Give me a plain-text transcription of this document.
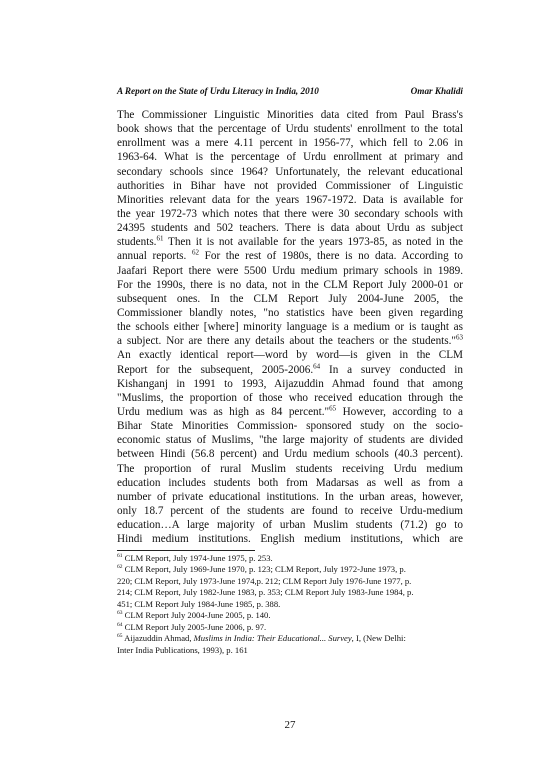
A Report on the State of Urdu Literacy in India, 2010	Omar Khalidi
The Commissioner Linguistic Minorities data cited from Paul Brass's
book shows that the percentage of Urdu students' enrollment to the total
enrollment was a mere 4.11 percent in 1956-77, which fell to 2.06 in
1963-64. What is the percentage of Urdu enrollment at primary and
secondary schools since 1964? Unfortunately, the relevant educational
authorities in Bihar have not provided Commissioner of Linguistic
Minorities relevant data for the years 1967-1972. Data is available for
the year 1972-73 which notes that there were 30 secondary schools with
24395 students and 502 teachers. There is data about Urdu as subject
students.$^{61}$ Then it is not available for the years 1973-85, as noted in the
annual reports. $^{62}$ For the rest of 1980s, there is no data. According to
Jaafari Report there were 5500 Urdu medium primary schools in 1989.
For the 1990s, there is no data, not in the CLM Report July 2000-01 or
subsequent ones. In the CLM Report July 2004-June 2005, the
Commissioner blandly notes, "no statistics have been given regarding
the schools either [where] minority language is a medium or is taught as
a subject. Nor are there any details about the teachers or the students."$^{63}$
An exactly identical report—word by word—is given in the CLM
Report for the subsequent, 2005-2006.64 In a survey conducted in
Kishanganj in 1991 to 1993, Aijazuddin Ahmad found that among
"Muslims, the proportion of those who received education through the
Urdu medium was as high as 84 percent."$^{65}$ However, according to a
Bihar State Minorities Commission- sponsored study on the socio-
economic status of Muslims, "the large majority of students are divided
between Hindi (56.8 percent) and Urdu medium schools (40.3 percent).
The proportion of rural Muslim students receiving Urdu medium
education includes students both from Madarsas as well as from a
number of private educational institutions. In the urban areas, however,
only 18.7 percent of the students are found to receive Urdu-medium
education…A large majority of urban Muslim students (71.2) go to
Hindi medium institutions. English medium institutions, which are
$^{61}$ CLM Report, July 1974-June 1975, p. 253.
$^{62}$ CLM Report, July 1969-June 1970, p. 123; CLM Report, July 1972-June 1973, p.
220; CLM Report, July 1973-June 1974,p. 212; CLM Report July 1976-June 1977, p.
214; CLM Report, July 1982-June 1983, p. 353; CLM Report July 1983-June 1984, p.
451; CLM Report July 1984-June 1985, p. 388.
$^{63}$ CLM Report July 2004-June 2005, p. 140.
$^{64}$ CLM Report July 2005-June 2006, p. 97.
$^{65}$ Aijazuddin Ahmad, Muslims in India: Their Educational... Survey, I, (New Delhi:
Inter India Publications, 1993), p. 161
27
